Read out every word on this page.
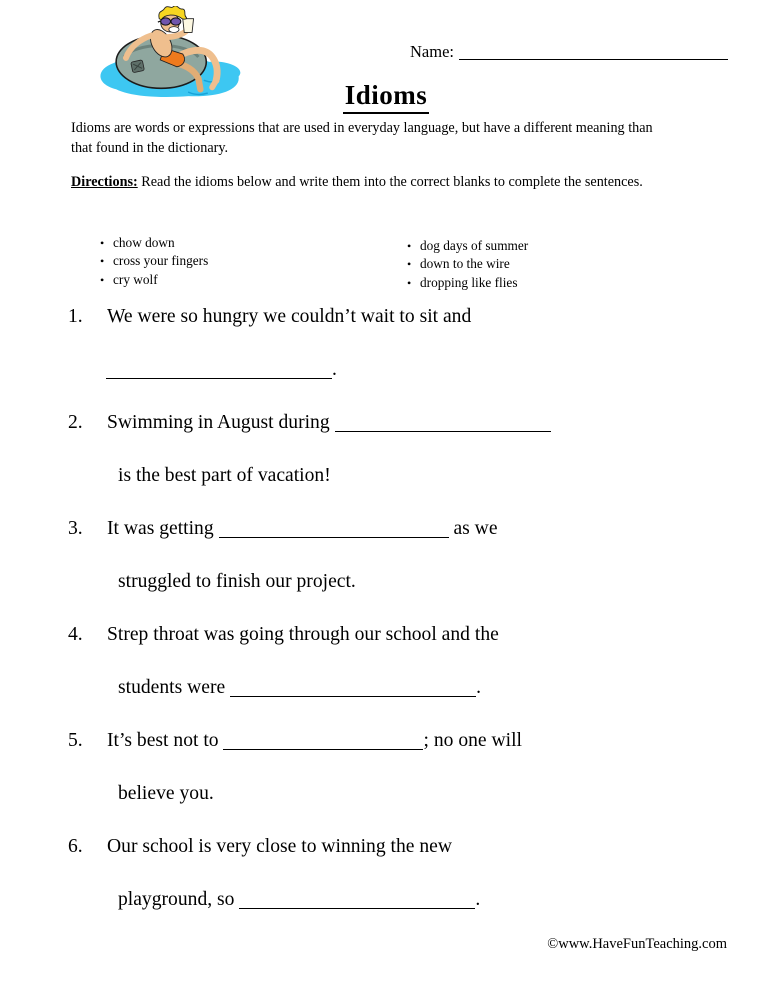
Name:
Idioms
Idioms are words or expressions that are used in everyday language, but have a different meaning than that found in the dictionary.
Directions: Read the idioms below and write them into the correct blanks to complete the sentences.
• chow down
• cross your fingers
• cry wolf
• dog days of summer
• down to the wire
• dropping like flies
1. We were so hungry we couldn’t wait to sit and
.
2. Swimming in August during
is the best part of vacation!
3. It was getting	as we
struggled to finish our project.
4. Strep throat was going through our school and the
students were	.
5. It’s best not to	; no one will
believe you.
6. Our school is very close to winning the new
playground, so	.
©www.HaveFunTeaching.com
